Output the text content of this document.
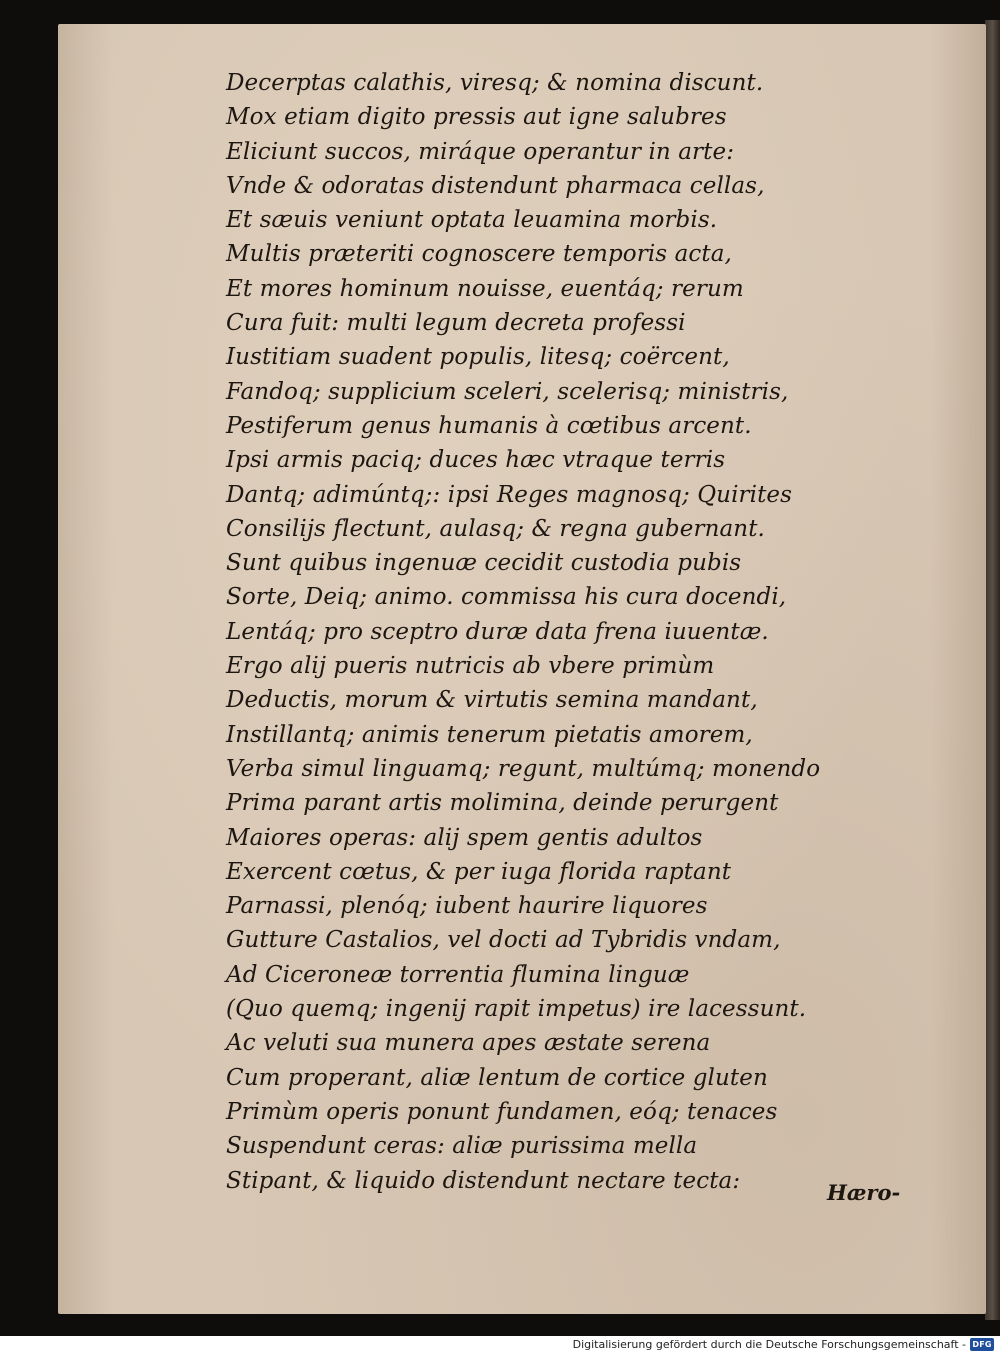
Decerptas calathis, viresq; & nomina discunt.
Mox etiam digito pressis aut igne salubres
Eliciunt succos, miráque operantur in arte:
Vnde & odoratas distendunt pharmaca cellas,
Et sæuis veniunt optata leuamina morbis.
Multis præteriti cognoscere temporis acta,
Et mores hominum nouisse, euentáq; rerum
Cura fuit: multi legum decreta professi
Iustitiam suadent populis, litesq; coërcent,
Fandoq; supplicium sceleri, scelerisq; ministris,
Pestiferum genus humanis à cœtibus arcent.
Ipsi armis paciq; duces hæc vtraque terris
Dantq; adimúntq;: ipsi Reges magnosq; Quirites
Consilijs flectunt, aulasq; & regna gubernant.
Sunt quibus ingenuæ cecidit custodia pubis
Sorte, Deiq; animo. commissa his cura docendi,
Lentáq; pro sceptro duræ data frena iuuentæ.
Ergo alij pueris nutricis ab vbere primùm
Deductis, morum & virtutis semina mandant,
Instillantq; animis tenerum pietatis amorem,
Verba simul linguamq; regunt, multúmq; monendo
Prima parant artis molimina, deinde perurgent
Maiores operas: alij spem gentis adultos
Exercent cœtus, & per iuga florida raptant
Parnassi, plenóq; iubent haurire liquores
Gutture Castalios, vel docti ad Tybridis vndam,
Ad Ciceroneæ torrentia flumina linguæ
(Quo quemq; ingenij rapit impetus) ire lacessunt.
Ac veluti sua munera apes æstate serena
Cum properant, aliæ lentum de cortice gluten
Primùm operis ponunt fundamen, eóq; tenaces
Suspendunt ceras: aliæ purissima mella
Stipant, & liquido distendunt nectare tecta:	Hæro-
Digitalisierung gefördert durch die Deutsche Forschungsgemeinschaft - DFG
